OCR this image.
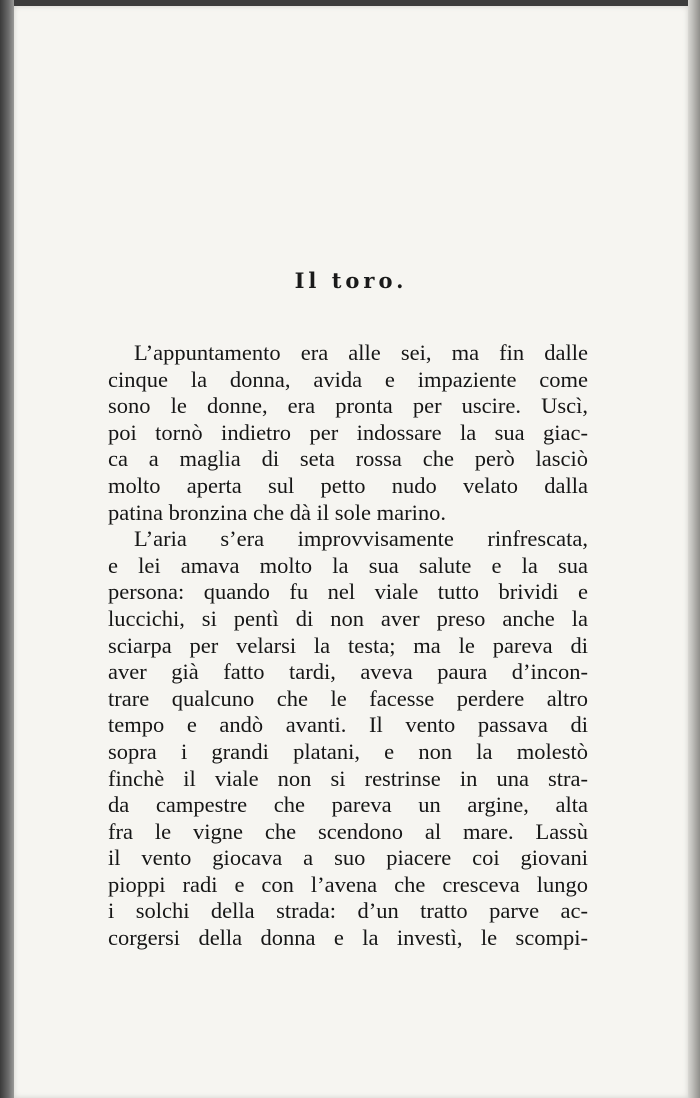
Il toro.
L’appuntamento era alle sei, ma fin dalle
cinque la donna, avida e impaziente come
sono le donne, era pronta per uscire. Uscì,
poi tornò indietro per indossare la sua giac-
ca a maglia di seta rossa che però lasciò
molto aperta sul petto nudo velato dalla
patina bronzina che dà il sole marino.
L’aria s’era improvvisamente rinfrescata,
e lei amava molto la sua salute e la sua
persona: quando fu nel viale tutto brividi e
luccichi, si pentì di non aver preso anche la
sciarpa per velarsi la testa; ma le pareva di
aver già fatto tardi, aveva paura d’incon-
trare qualcuno che le facesse perdere altro
tempo e andò avanti. Il vento passava di
sopra i grandi platani, e non la molestò
finchè il viale non si restrinse in una stra-
da campestre che pareva un argine, alta
fra le vigne che scendono al mare. Lassù
il vento giocava a suo piacere coi giovani
pioppi radi e con l’avena che cresceva lungo
i solchi della strada: d’un tratto parve ac-
corgersi della donna e la investì, le scompi-
